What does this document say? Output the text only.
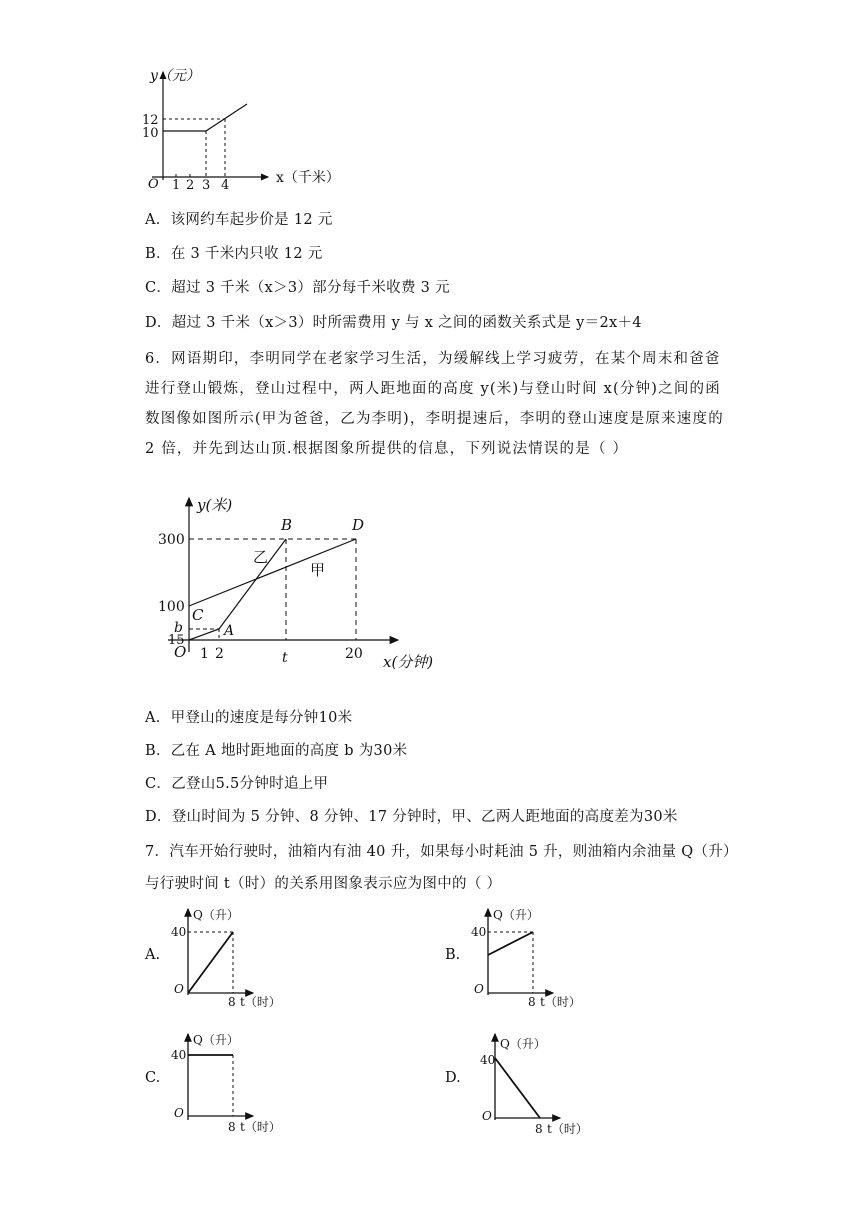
y（元）
x（千米）
O
12
10
1 2 3 4
A．该网约车起步价是 12 元
B．在 3 千米内只收 12 元
C．超过 3 千米（x＞3）部分每千米收费 3 元
D．超过 3 千米（x＞3）时所需费用 y 与 x 之间的函数关系式是 y＝2x＋4
6．网语期印，李明同学在老家学习生活，为缓解线上学习疲劳，在某个周末和爸爸进行登山锻炼，登山过程中，两人距地面的高度 y(米)与登山时间 x(分钟)之间的函数图像如图所示(甲为爸爸，乙为李明)，李明提速后，李明的登山速度是原来速度的 2 倍，并先到达山顶.根据图象所提供的信息，下列说法情误的是（ ）
y(米)
x(分钟)
O
300
100
b
15
1 2	t	20
B	D
C
A
乙
甲
A．甲登山的速度是每分钟10米
B．乙在 A 地时距地面的高度 b 为30米
C．乙登山5.5分钟时追上甲
D．登山时间为 5 分钟、8 分钟、17 分钟时，甲、乙两人距地面的高度差为30米
7．汽车开始行驶时，油箱内有油 40 升，如果每小时耗油 5 升，则油箱内余油量 Q（升）
与行驶时间 t（时）的关系用图象表示应为图中的（ ）
A.	B.
C.	D.
Q（升）
40
O
8 t（时）
Q（升）
40
O
8 t（时）
Q（升）
40
O
8 t（时）
Q（升）
40
O
8 t（时）
